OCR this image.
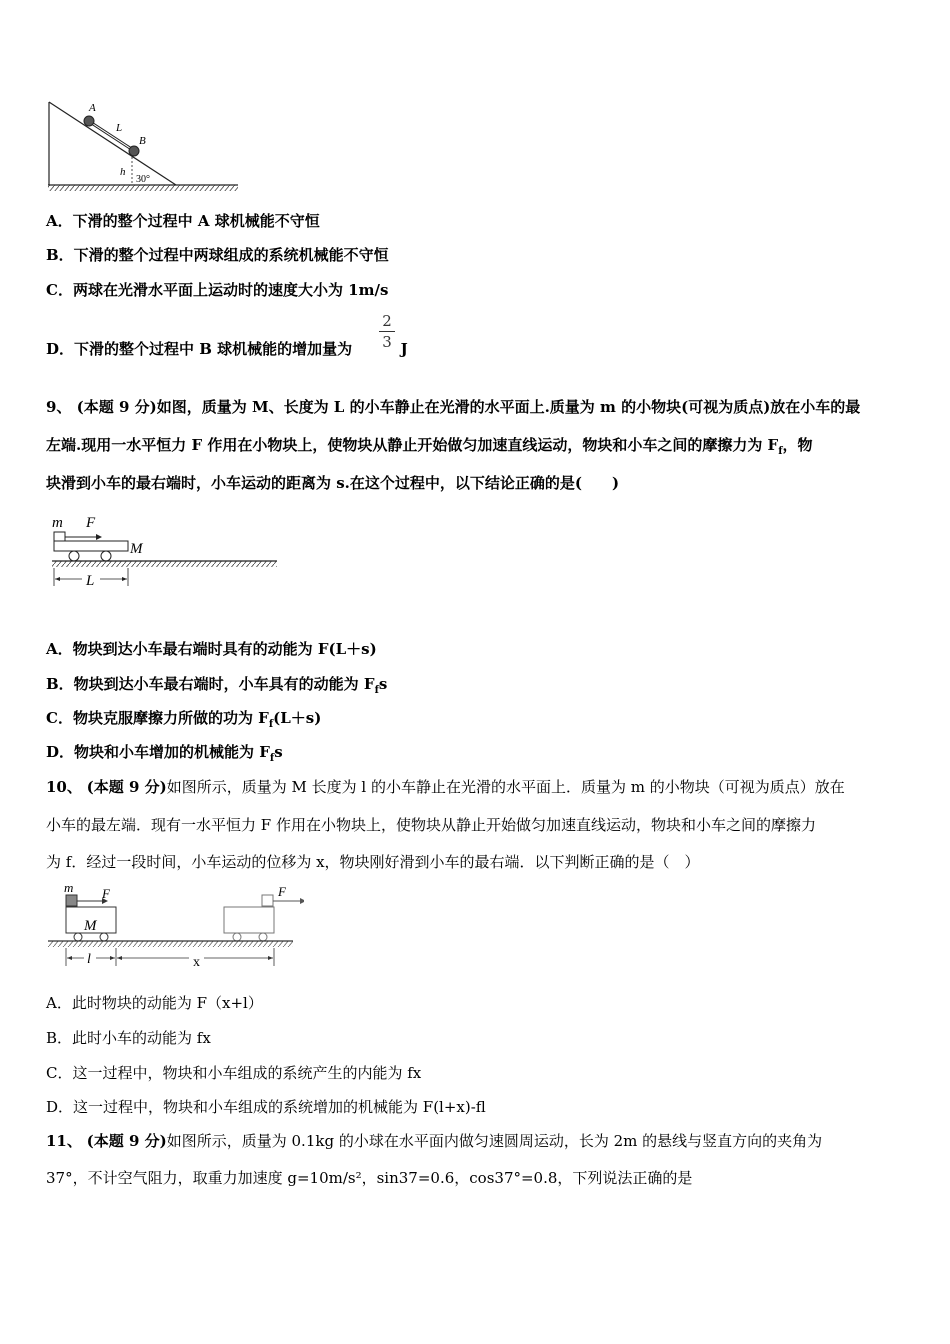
A
L
B
h
30°
A．下滑的整个过程中 A 球机械能不守恒
B．下滑的整个过程中两球组成的系统机械能不守恒
C．两球在光滑水平面上运动时的速度大小为 1m/s
D．下滑的整个过程中 B 球机械能的增加量为	J
2
3
9、 (本题 9 分)如图，质量为 M、长度为 L 的小车静止在光滑的水平面上.质量为 m 的小物块(可视为质点)放在小车的最
左端.现用一水平恒力 F 作用在小物块上，使物块从静止开始做匀加速直线运动，物块和小车之间的摩擦力为 $F_f$，物
块滑到小车的最右端时，小车运动的距离为 s.在这个过程中，以下结论正确的是(　　)
m F
M
L
A．物块到达小车最右端时具有的动能为 F(L＋s)
B．物块到达小车最右端时，小车具有的动能为 $F_fs$
C．物块克服摩擦力所做的功为 $F_f(L+s)$
D．物块和小车增加的机械能为 $F_fs$
10、 (本题 9 分)如图所示，质量为 M 长度为 l 的小车静止在光滑的水平面上．质量为 m 的小物块（可视为质点）放在
小车的最左端．现有一水平恒力 F 作用在小物块上，使物块从静止开始做匀加速直线运动，物块和小车之间的摩擦力
为 f．经过一段时间，小车运动的位移为 x，物块刚好滑到小车的最右端．以下判断正确的是（　）
m F
M
F
l	x
A．此时物块的动能为 F（x+l）
B．此时小车的动能为 fx
C．这一过程中，物块和小车组成的系统产生的内能为 fx
D．这一过程中，物块和小车组成的系统增加的机械能为 F(l+x)-fl
11、 (本题 9 分)如图所示，质量为 0.1kg 的小球在水平面内做匀速圆周运动，长为 2m 的悬线与竖直方向的夹角为
37°，不计空气阻力，取重力加速度 g=10m/s²，sin37=0.6，cos37°=0.8，下列说法正确的是
